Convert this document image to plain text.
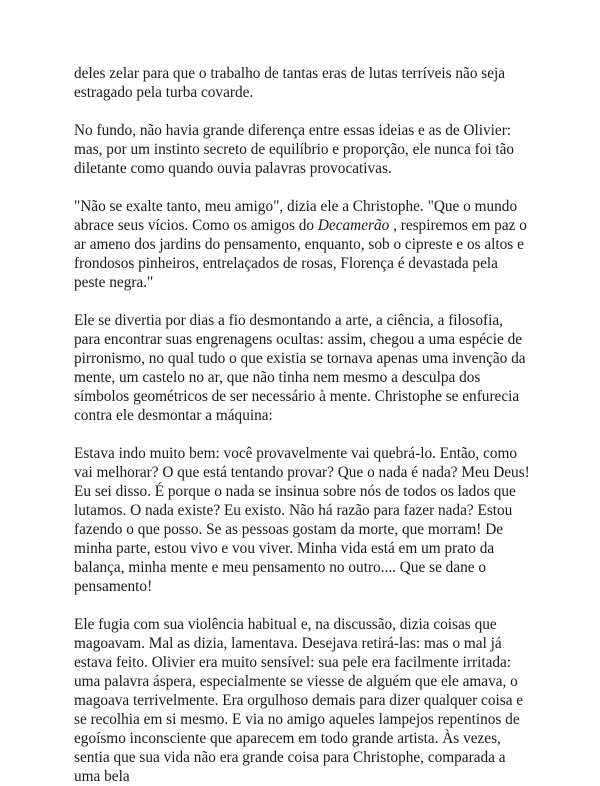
deles zelar para que o trabalho de tantas eras de lutas terríveis não seja estragado pela turba covarde.

No fundo, não havia grande diferença entre essas ideias e as de Olivier: mas, por um instinto secreto de equilíbrio e proporção, ele nunca foi tão diletante como quando ouvia palavras provocativas.

"Não se exalte tanto, meu amigo", dizia ele a Christophe. "Que o mundo abrace seus vícios. Como os amigos do Decamerão , respiremos em paz o ar ameno dos jardins do pensamento, enquanto, sob o cipreste e os altos e frondosos pinheiros, entrelaçados de rosas, Florença é devastada pela peste negra."

Ele se divertia por dias a fio desmontando a arte, a ciência, a filosofia, para encontrar suas engrenagens ocultas: assim, chegou a uma espécie de pirronismo, no qual tudo o que existia se tornava apenas uma invenção da mente, um castelo no ar, que não tinha nem mesmo a desculpa dos símbolos geométricos de ser necessário à mente. Christophe se enfurecia contra ele desmontar a máquina:

Estava indo muito bem: você provavelmente vai quebrá-lo. Então, como vai melhorar? O que está tentando provar? Que o nada é nada? Meu Deus! Eu sei disso. É porque o nada se insinua sobre nós de todos os lados que lutamos. O nada existe? Eu existo. Não há razão para fazer nada? Estou fazendo o que posso. Se as pessoas gostam da morte, que morram! De minha parte, estou vivo e vou viver. Minha vida está em um prato da balança, minha mente e meu pensamento no outro.... Que se dane o pensamento!

Ele fugia com sua violência habitual e, na discussão, dizia coisas que magoavam. Mal as dizia, lamentava. Desejava retirá-las: mas o mal já estava feito. Olivier era muito sensível: sua pele era facilmente irritada: uma palavra áspera, especialmente se viesse de alguém que ele amava, o magoava terrivelmente. Era orgulhoso demais para dizer qualquer coisa e se recolhia em si mesmo. E via no amigo aqueles lampejos repentinos de egoísmo inconsciente que aparecem em todo grande artista. Às vezes, sentia que sua vida não era grande coisa para Christophe, comparada a uma bela
